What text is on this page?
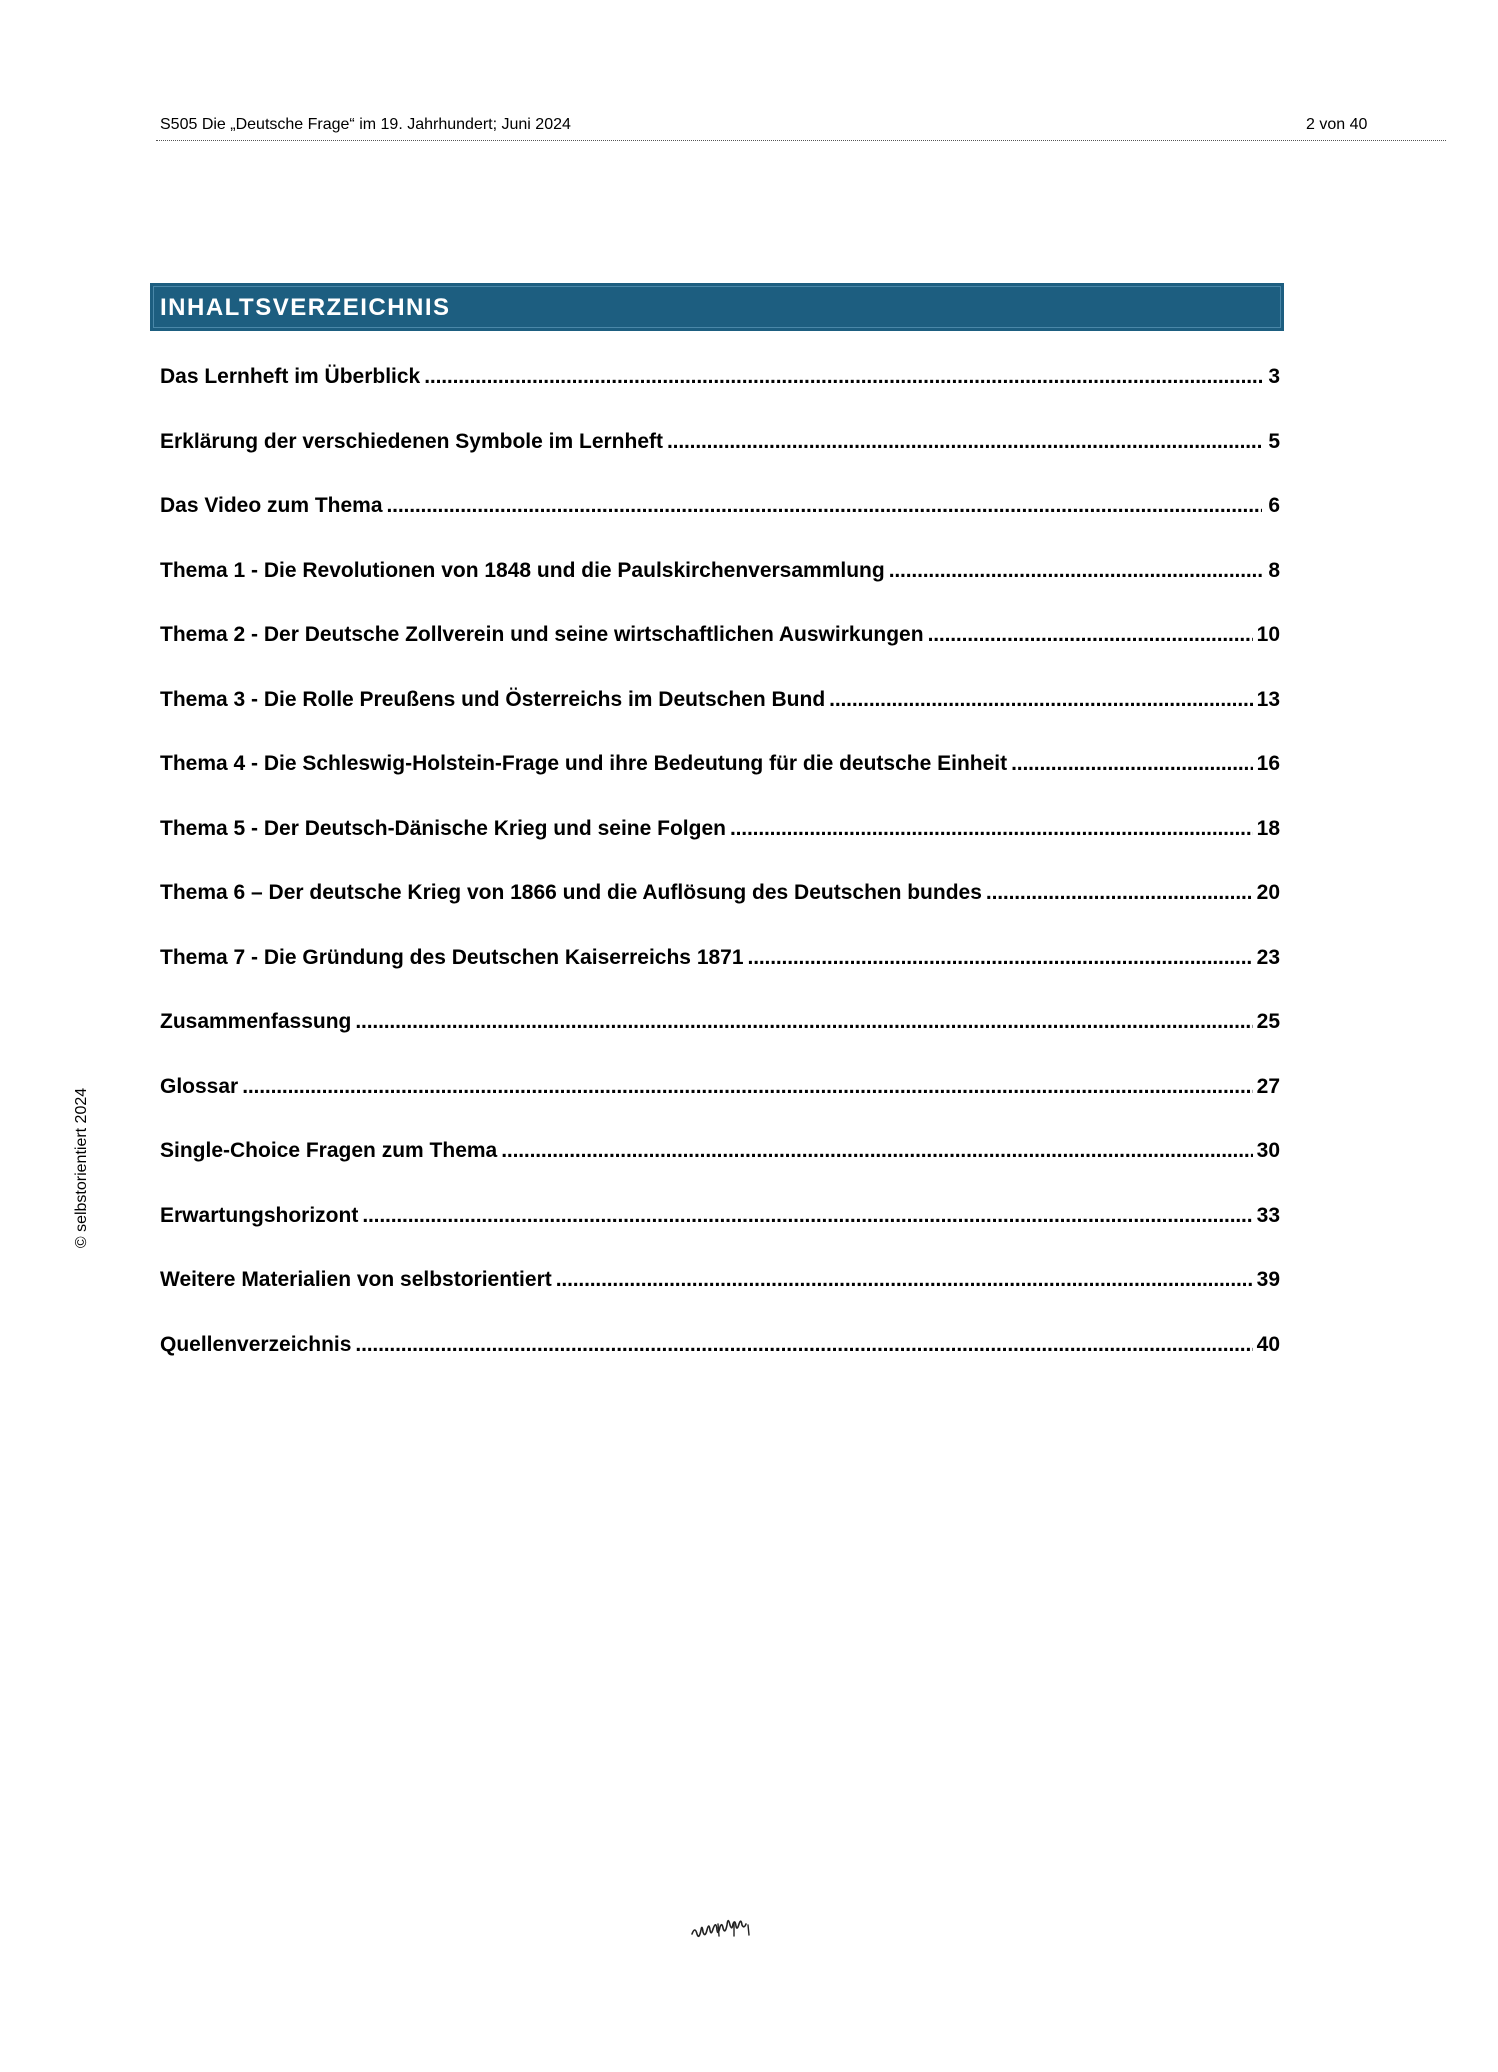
S505 Die „Deutsche Frage“ im 19. Jahrhundert; Juni 2024	2 von 40
INHALTSVERZEICHNIS
Das Lernheft im Überblick . . .	3
Erklärung der verschiedenen Symbole im Lernheft . . .	5
Das Video zum Thema . . .	6
Thema 1 - Die Revolutionen von 1848 und die Paulskirchenversammlung . . .	8
Thema 2 - Der Deutsche Zollverein und seine wirtschaftlichen Auswirkungen . . .	10
Thema 3 - Die Rolle Preußens und Österreichs im Deutschen Bund . . .	13
Thema 4 - Die Schleswig-Holstein-Frage und ihre Bedeutung für die deutsche Einheit . . .	16
Thema 5 - Der Deutsch-Dänische Krieg und seine Folgen . . .	18
Thema 6 – Der deutsche Krieg von 1866 und die Auflösung des Deutschen bundes . . .	20
Thema 7 - Die Gründung des Deutschen Kaiserreichs 1871 . . .	23
Zusammenfassung . . .	25
Glossar . . .	27
Single-Choice Fragen zum Thema . . .	30
Erwartungshorizont . . .	33
Weitere Materialien von selbstorientiert . . .	39
Quellenverzeichnis . . .	40
© selbstorientiert 2024
